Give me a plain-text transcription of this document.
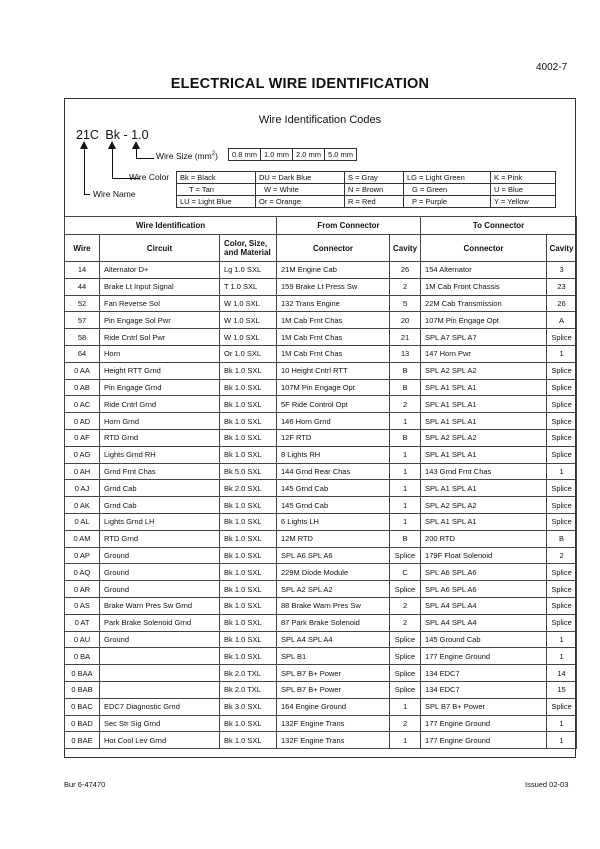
4002-7
ELECTRICAL WIRE IDENTIFICATION
Wire Identification Codes
21C Bk - 1.0
Wire Size $(mm^2)$ 0.8 mm	1.0 mm	2.0 mm	5.0 mm
Wire Color
Wire Name
Bk = Black	DU = Dark Blue	S = Gray	LG = Light Green	K = Pink
T = Tan	W = White	N = Brown	G = Green	U = Blue
LU = Light Blue	Or = Orange	R = Red	P = Purple	Y = Yellow
Wire Identification			From Connector		To Connector	
Wire	Circuit	Color, Size,
and Material	Connector	Cavity	Connector	Cavity
14	Alternator D+	Lg 1.0 SXL	21M Engine Cab	26	154 Alternator	3
44	Brake Lt Input Signal	T 1.0 SXL	159 Brake Lt Press Sw	2	1M Cab Front Chassis	23
52	Fan Reverse Sol	W 1.0 SXL	132 Trans Engine	5	22M Cab Transmission	26
57	Pin Engage Sol Pwr	W 1.0 SXL	1M Cab Frnt Chas	20	107M Pin Engage Opt	A
58	Ride Cntrl Sol Pwr	W 1.0 SXL	1M Cab Frnt Chas	21	SPL A7 SPL A7	Splice
64	Horn	Or 1.0 SXL	1M Cab Frnt Chas	13	147 Horn Pwr	1
0 AA	Height RTT Grnd	Bk 1.0 SXL	10 Height Cntrl RTT	B	SPL A2 SPL A2	Splice
0 AB	Pin Engage Grnd	Bk 1.0 SXL	107M Pin Engage Opt	B	SPL A1 SPL A1	Splice
0 AC	Ride Cntrl Grnd	Bk 1.0 SXL	5F Ride Control Opt	2	SPL A1 SPL A1	Splice
0 AD	Horn Grnd	Bk 1.0 SXL	146 Horn Grnd	1	SPL A1 SPL A1	Splice
0 AF	RTD Grnd	Bk 1.0 SXL	12F RTD	B	SPL A2 SPL A2	Splice
0 AG	Lights Grnd RH	Bk 1.0 SXL	8 Lights RH	1	SPL A1 SPL A1	Splice
0 AH	Grnd Frnt Chas	Bk 5.0 SXL	144 Grnd Rear Chas	1	143 Grnd Frnt Chas	1
0 AJ	Grnd Cab	Bk 2.0 SXL	145 Grnd Cab	1	SPL A1 SPL A1	Splice
0 AK	Grnd Cab	Bk 1.0 SXL	145 Grnd Cab	1	SPL A2 SPL A2	Splice
0 AL	Lights Grnd LH	Bk 1.0 SXL	6 Lights LH	1	SPL A1 SPL A1	Splice
0 AM	RTD Grnd	Bk 1.0 SXL	12M RTD	B	200 RTD	B
0 AP	Ground	Bk 1.0 SXL	SPL A6 SPL A6	Splice	179F Float Solenoid	2
0 AQ	Ground	Bk 1.0 SXL	229M Diode Module	C	SPL A6 SPL A6	Splice
0 AR	Ground	Bk 1.0 SXL	SPL A2 SPL A2	Splice	SPL A6 SPL A6	Splice
0 AS	Brake Warn Pres Sw Grnd	Bk 1.0 SXL	88 Brake Warn Pres Sw	2	SPL A4 SPL A4	Splice
0 AT	Park Brake Solenoid Grnd	Bk 1.0 SXL	87 Park Brake Solenoid	2	SPL A4 SPL A4	Splice
0 AU	Ground	Bk 1.0 SXL	SPL A4 SPL A4	Splice	145 Ground Cab	1
0 BA		Bk 1.0 SXL	SPL B1	Splice	177 Engine Ground	1
0 BAA		Bk 2.0 TXL	SPL B7 B+ Power	Splice	134 EDC7	14
0 BAB		Bk 2.0 TXL	SPL B7 B+ Power	Splice	134 EDC7	15
0 BAC	EDC7 Diagnostic Grnd	Bk 3.0 SXL	164 Engine Ground	1	SPL B7 B+ Power	Splice
0 BAD	Sec Str Sig Grnd	Bk 1.0 SXL	132F Engine Trans	2	177 Engine Ground	1
0 BAE	Hot Cool Lev Grnd	Bk 1.0 SXL	132F Engine Trans	1	177 Engine Ground	1
Bur 6-47470	Issued 02-03
